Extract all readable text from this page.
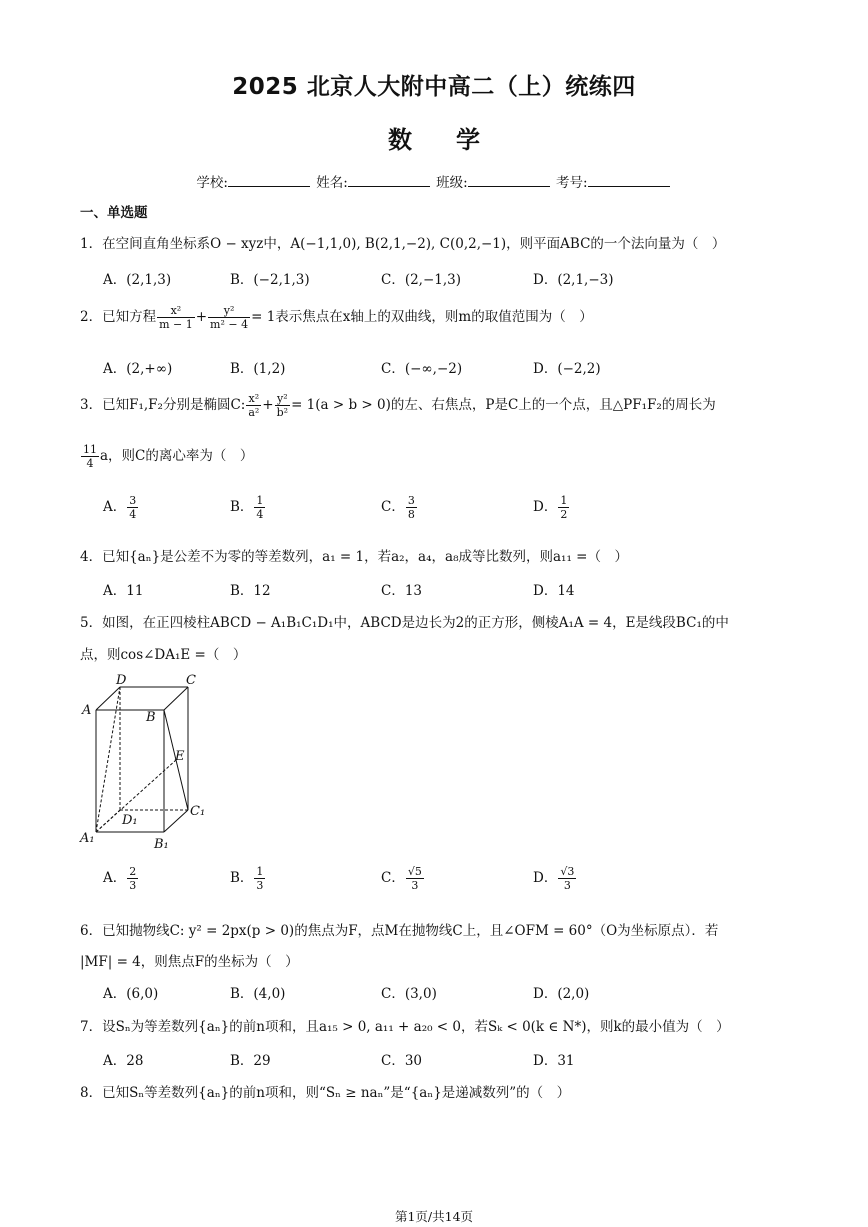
2025 北京人大附中高二（上）统练四
数学
学校:	姓名:	班级:	考号:
一、单选题
1．在空间直角坐标系O − xyz中，A(−1,1,0), B(2,1,−2), C(0,2,−1)，则平面ABC的一个法向量为（　）
A．(2,1,3)	B．(−2,1,3)	C．(2,−1,3)	D．(2,1,−3)
2．已知方程 $\frac{\text{x²}}{m - 1} + \frac{\text{y²}}{\text{m² − 4}} = 1$表示焦点在x轴上的双曲线，则m的取值范围为（　）
A．(2,+∞)	B．(1,2)	C．(−∞,−2)	D．(−2,2)
3．已知F₁,F₂分别是椭圆C: $\frac{\text{x²}}{\text{a²}} + \frac{\text{y²}}{\text{b²}} = 1(a > b > 0)$的左、右焦点，P是C上的一个点，且△PF₁F₂的周长为
$\frac{11}{4}$ a，则C的离心率为（　）
A． $\frac{3}{4}$	B． $\frac{1}{4}$	C． $\frac{3}{8}$	D． $\frac{1}{2}$
4．已知{aₙ}是公差不为零的等差数列，a₁ = 1，若a₂，a₄，a₈成等比数列，则a₁₁ =（　）
A．11	B．12	C．13	D．14
5．如图，在正四棱柱ABCD − A₁B₁C₁D₁中，ABCD是边长为2的正方形，侧棱A₁A = 4，E是线段BC₁的中
点，则cos∠DA₁E =（　）
D	C
A	B
E
C₁
D₁
A₁	B₁
A． $\frac{2}{3}$	B． $\frac{1}{3}$	C． $\frac{√5}{3}$	D． $\frac{√3}{3}$
6．已知抛物线C: y² = 2px(p > 0)的焦点为F，点M在抛物线C上，且∠OFM = 60°（O为坐标原点）．若
|MF| = 4，则焦点F的坐标为（　）
A．(6,0)	B．(4,0)	C．(3,0)	D．(2,0)
7．设Sₙ为等差数列{aₙ}的前n项和，且a₁₅ > 0, a₁₁ + a₂₀ < 0，若Sₖ < 0(k ∈ N*)，则k的最小值为（　）
A．28	B．29	C．30	D．31
8．已知Sₙ等差数列{aₙ}的前n项和，则“Sₙ ≥ naₙ”是“{aₙ}是递减数列”的（　）
第1页/共14页
